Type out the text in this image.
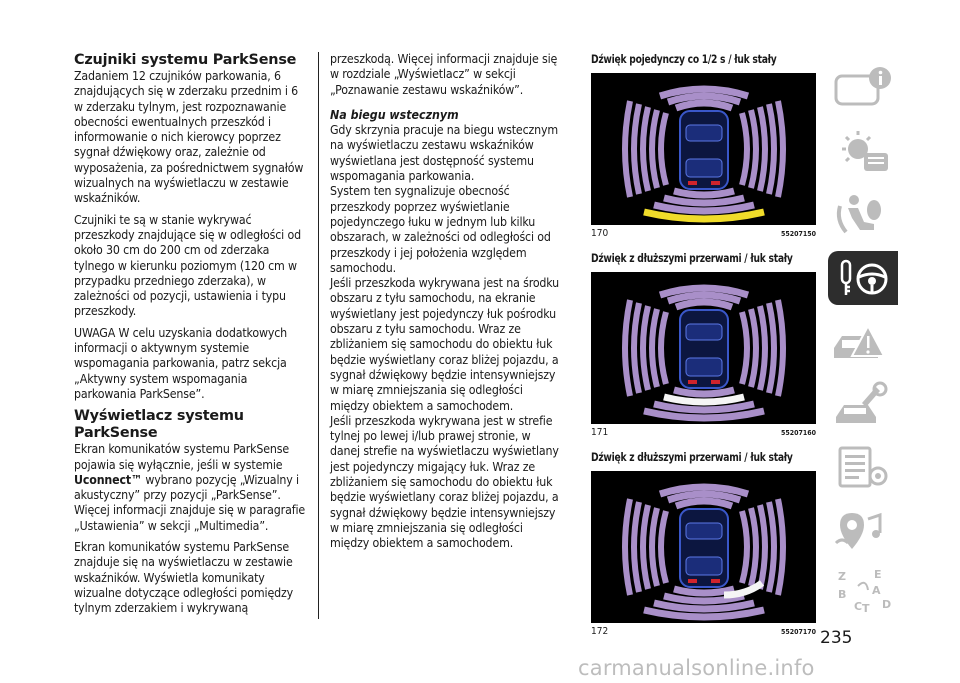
Czujniki systemu ParkSense

Zadaniem 12 czujników parkowania, 6 znajdujących się w zderzaku przednim i 6 w zderzaku tylnym, jest rozpoznawanie obecności ewentualnych przeszkód i informowanie o nich kierowcy poprzez sygnał dźwiękowy oraz, zależnie od wyposażenia, za pośrednictwem sygnałów wizualnych na wyświetlaczu w zestawie wskaźników.

Czujniki te są w stanie wykrywać przeszkody znajdujące się w odległości od około 30 cm do 200 cm od zderzaka tylnego w kierunku poziomym (120 cm w przypadku przedniego zderzaka), w zależności od pozycji, ustawienia i typu przeszkody.

UWAGA W celu uzyskania dodatkowych informacji o aktywnym systemie wspomagania parkowania, patrz sekcja „Aktywny system wspomagania parkowania ParkSense”.

Wyświetlacz systemu ParkSense

Ekran komunikatów systemu ParkSense pojawia się wyłącznie, jeśli w systemie Uconnect™ wybrano pozycję „Wizualny i akustyczny” przy pozycji „ParkSense”. Więcej informacji znajduje się w paragrafie „Ustawienia” w sekcji „Multimedia”.

Ekran komunikatów systemu ParkSense znajduje się na wyświetlaczu w zestawie wskaźników. Wyświetla komunikaty wizualne dotyczące odległości pomiędzy tylnym zderzakiem i wykrywaną

przeszkodą. Więcej informacji znajduje się w rozdziale „Wyświetlacz” w sekcji „Poznawanie zestawu wskaźników”.

Na biegu wstecznym

Gdy skrzynia pracuje na biegu wstecznym na wyświetlaczu zestawu wskaźników wyświetlana jest dostępność systemu wspomagania parkowania.

System ten sygnalizuje obecność przeszkody poprzez wyświetlanie pojedynczego łuku w jednym lub kilku obszarach, w zależności od odległości od przeszkody i jej położenia względem samochodu.

Jeśli przeszkoda wykrywana jest na środku obszaru z tyłu samochodu, na ekranie wyświetlany jest pojedynczy łuk pośrodku obszaru z tyłu samochodu. Wraz ze zbliżaniem się samochodu do obiektu łuk będzie wyświetlany coraz bliżej pojazdu, a sygnał dźwiękowy będzie intensywniejszy w miarę zmniejszania się odległości między obiektem a samochodem.

Jeśli przeszkoda wykrywana jest w strefie tylnej po lewej i/lub prawej stronie, w danej strefie na wyświetlaczu wyświetlany jest pojedynczy migający łuk. Wraz ze zbliżaniem się samochodu do obiektu łuk będzie wyświetlany coraz bliżej pojazdu, a sygnał dźwiękowy będzie intensywniejszy w miarę zmniejszania się odległości między obiektem a samochodem.

Dźwięk pojedynczy co 1/2 s / łuk stały
170	55207150
Dźwięk z dłuższymi przerwami / łuk stały
171	55207160
Dźwięk z dłuższymi przerwami / łuk stały
172	55207170
Z	E
B A
C D
T
235
carmanualsonline.info
